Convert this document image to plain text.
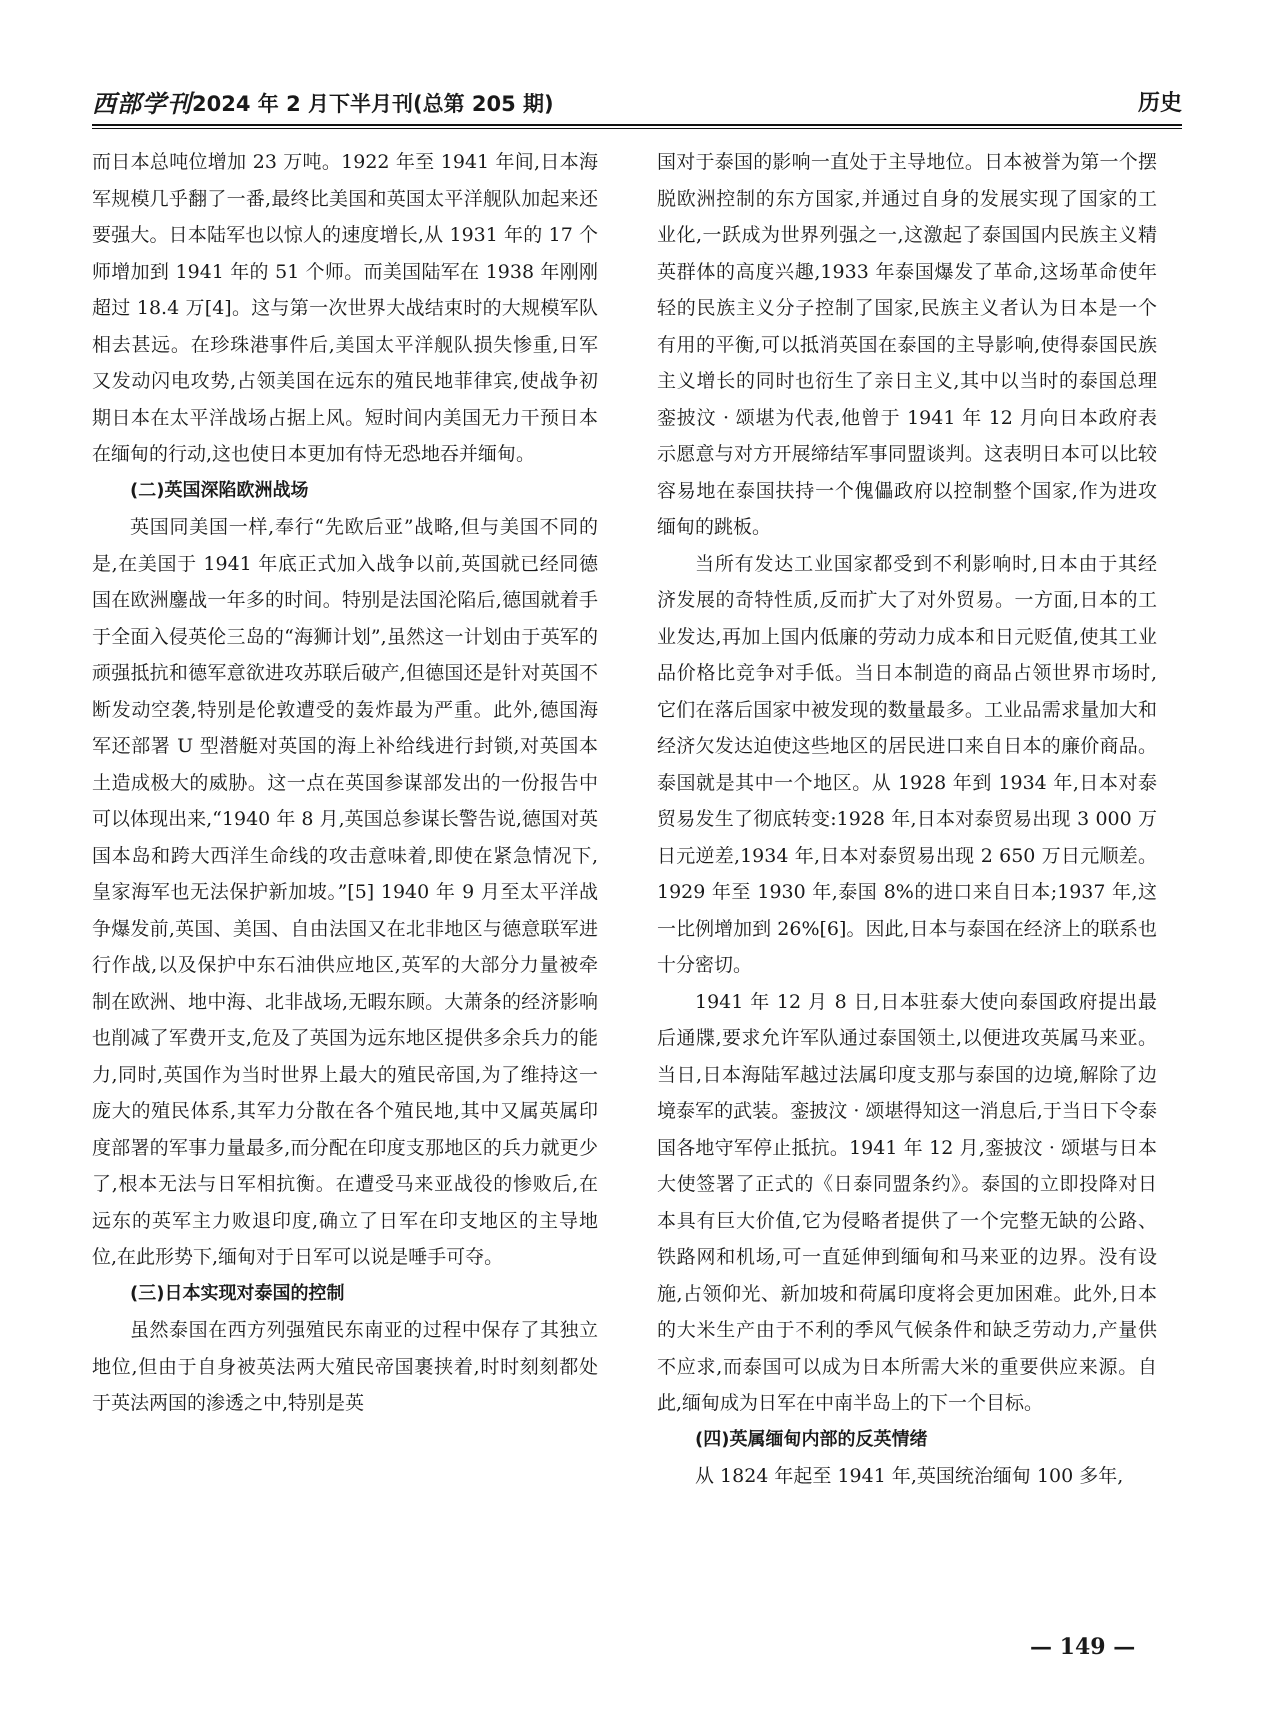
西部学刊 2024 年 2 月下半月刊(总第 205 期)	历史

而日本总吨位增加 23 万吨。1922 年至 1941 年间,日本海军规模几乎翻了一番,最终比美国和英国太平洋舰队加起来还要强大。日本陆军也以惊人的速度增长,从 1931 年的 17 个师增加到 1941 年的 51 个师。而美国陆军在 1938 年刚刚超过 18.4 万[4]。这与第一次世界大战结束时的大规模军队相去甚远。在珍珠港事件后,美国太平洋舰队损失惨重,日军又发动闪电攻势,占领美国在远东的殖民地菲律宾,使战争初期日本在太平洋战场占据上风。短时间内美国无力干预日本在缅甸的行动,这也使日本更加有恃无恐地吞并缅甸。

(二)英国深陷欧洲战场

英国同美国一样,奉行“先欧后亚”战略,但与美国不同的是,在美国于 1941 年底正式加入战争以前,英国就已经同德国在欧洲鏖战一年多的时间。特别是法国沦陷后,德国就着手于全面入侵英伦三岛的“海狮计划”,虽然这一计划由于英军的顽强抵抗和德军意欲进攻苏联后破产,但德国还是针对英国不断发动空袭,特别是伦敦遭受的轰炸最为严重。此外,德国海军还部署 U 型潜艇对英国的海上补给线进行封锁,对英国本土造成极大的威胁。这一点在英国参谋部发出的一份报告中可以体现出来,“1940 年 8 月,英国总参谋长警告说,德国对英国本岛和跨大西洋生命线的攻击意味着,即使在紧急情况下,皇家海军也无法保护新加坡。”[5] 1940 年 9 月至太平洋战争爆发前,英国、美国、自由法国又在北非地区与德意联军进行作战,以及保护中东石油供应地区,英军的大部分力量被牵制在欧洲、地中海、北非战场,无暇东顾。大萧条的经济影响也削减了军费开支,危及了英国为远东地区提供多余兵力的能力,同时,英国作为当时世界上最大的殖民帝国,为了维持这一庞大的殖民体系,其军力分散在各个殖民地,其中又属英属印度部署的军事力量最多,而分配在印度支那地区的兵力就更少了,根本无法与日军相抗衡。在遭受马来亚战役的惨败后,在远东的英军主力败退印度,确立了日军在印支地区的主导地位,在此形势下,缅甸对于日军可以说是唾手可夺。

(三)日本实现对泰国的控制

虽然泰国在西方列强殖民东南亚的过程中保存了其独立地位,但由于自身被英法两大殖民帝国裹挟着,时时刻刻都处于英法两国的渗透之中,特别是英

国对于泰国的影响一直处于主导地位。日本被誉为第一个摆脱欧洲控制的东方国家,并通过自身的发展实现了国家的工业化,一跃成为世界列强之一,这激起了泰国国内民族主义精英群体的高度兴趣,1933 年泰国爆发了革命,这场革命使年轻的民族主义分子控制了国家,民族主义者认为日本是一个有用的平衡,可以抵消英国在泰国的主导影响,使得泰国民族主义增长的同时也衍生了亲日主义,其中以当时的泰国总理銮披汶 · 颂堪为代表,他曾于 1941 年 12 月向日本政府表示愿意与对方开展缔结军事同盟谈判。这表明日本可以比较容易地在泰国扶持一个傀儡政府以控制整个国家,作为进攻缅甸的跳板。

当所有发达工业国家都受到不利影响时,日本由于其经济发展的奇特性质,反而扩大了对外贸易。一方面,日本的工业发达,再加上国内低廉的劳动力成本和日元贬值,使其工业品价格比竞争对手低。当日本制造的商品占领世界市场时,它们在落后国家中被发现的数量最多。工业品需求量加大和经济欠发达迫使这些地区的居民进口来自日本的廉价商品。泰国就是其中一个地区。从 1928 年到 1934 年,日本对泰贸易发生了彻底转变:1928 年,日本对泰贸易出现 3 000 万日元逆差,1934 年,日本对泰贸易出现 2 650 万日元顺差。1929 年至 1930 年,泰国 8%的进口来自日本;1937 年,这一比例增加到 26%[6]。因此,日本与泰国在经济上的联系也十分密切。

1941 年 12 月 8 日,日本驻泰大使向泰国政府提出最后通牒,要求允许军队通过泰国领土,以便进攻英属马来亚。当日,日本海陆军越过法属印度支那与泰国的边境,解除了边境泰军的武装。銮披汶 · 颂堪得知这一消息后,于当日下令泰国各地守军停止抵抗。1941 年 12 月,銮披汶 · 颂堪与日本大使签署了正式的《日泰同盟条约》。泰国的立即投降对日本具有巨大价值,它为侵略者提供了一个完整无缺的公路、铁路网和机场,可一直延伸到缅甸和马来亚的边界。没有设施,占领仰光、新加坡和荷属印度将会更加困难。此外,日本的大米生产由于不利的季风气候条件和缺乏劳动力,产量供不应求,而泰国可以成为日本所需大米的重要供应来源。自此,缅甸成为日军在中南半岛上的下一个目标。

(四)英属缅甸内部的反英情绪

从 1824 年起至 1941 年,英国统治缅甸 100 多年,

— 149 —
